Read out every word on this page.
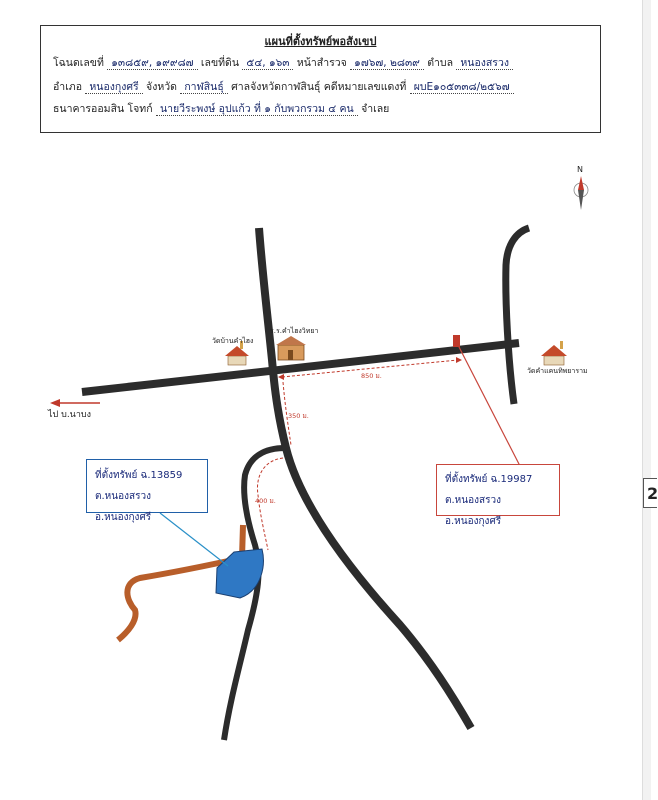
แผนที่ตั้งทรัพย์พอสังเขป
โฉนดเลขที่ ๑๓๘๕๙, ๑๙๙๘๗ เลขที่ดิน ๕๔, ๑๖๓ หน้าสำรวจ ๑๗๖๗, ๒๘๓๙ ตำบล หนองสรวง
อำเภอ หนองกุงศรี จังหวัด กาฬสินธุ์ ศาลจังหวัดกาฬสินธุ์ คดีหมายเลขแดงที่ ผบE๑๐๕๓๓๘/๒๕๖๗
ธนาคารออมสิน โจทก์ นายวีระพงษ์ อุปแก้ว ที่ ๑ กับพวกรวม ๔ คน จำเลย
N
ไป บ.นาบง
ร.ร.คำไฮงวิทยา
วัดบ้านคำไฮง
วัดคำแคนทิพยาราม
850 ม.
350 ม.
400 ม.
ที่ตั้งทรัพย์ ฉ.13859
ต.หนองสรวง อ.หนองกุงศรี
ที่ตั้งทรัพย์ ฉ.19987
ต.หนองสรวง อ.หนองกุงศรี
2
